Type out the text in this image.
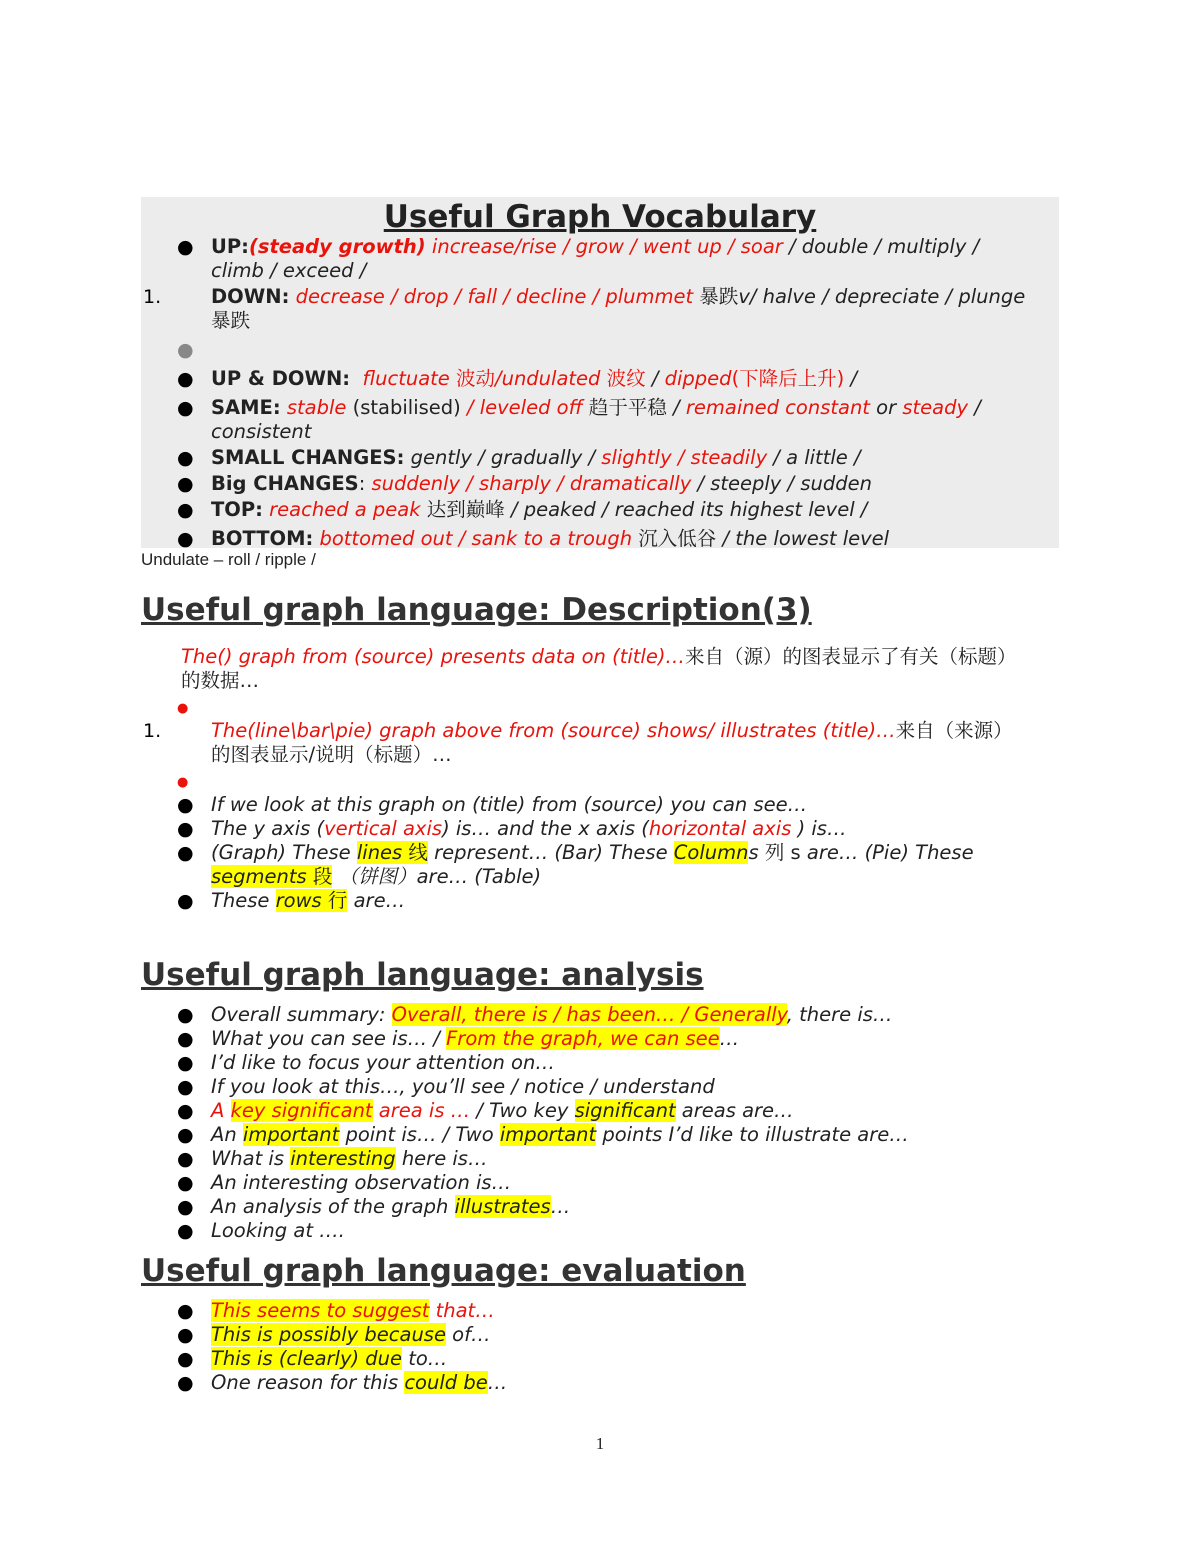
Useful Graph Vocabulary
● UP:(steady growth) increase/rise / grow / went up / soar / double / multiply / climb / exceed /
1.	DOWN: decrease / drop / fall / decline / plummet 暴跌v/ halve / depreciate / plunge 暴跌
●

● UP & DOWN: fluctuate 波动/undulated 波纹 / dipped(下降后上升) /
● SAME: stable (stabilised) / leveled off 趋于平稳 / remained constant or steady / consistent
● SMALL CHANGES: gently / gradually / slightly / steadily / a little /
● Big CHANGES: suddenly / sharply / dramatically / steeply / sudden
● TOP: reached a peak 达到巅峰 / peaked / reached its highest level /
● BOTTOM: bottomed out / sank to a trough 沉入低谷 / the lowest level
Undulate – roll / ripple /
Useful graph language: Description(3)
The() graph from (source) presents data on (title)…来自（源）的图表显示了有关（标题）的数据…
●

1.	The(line\bar\pie) graph above from (source) shows/ illustrates (title)…来自（来源）的图表显示/说明（标题）…
●

● If we look at this graph on (title) from (source) you can see…
● The y axis (vertical axis) is… and the x axis (horizontal axis ) is…
● (Graph) These lines 线 represent… (Bar) These Columns 列 s are… (Pie) These segments 段 （饼图）are… (Table)
● These rows 行 are…
Useful graph language: analysis
● Overall summary: Overall, there is / has been… / Generally, there is…
● What you can see is… / From the graph, we can see…
● I’d like to focus your attention on…
● If you look at this…, you’ll see / notice / understand
● A key significant area is … / Two key significant areas are…
● An important point is… / Two important points I’d like to illustrate are…
● What is interesting here is…
● An interesting observation is…
● An analysis of the graph illustrates…
● Looking at ….
Useful graph language: evaluation
● This seems to suggest that…
● This is possibly because of…
● This is (clearly) due to…
● One reason for this could be…
1
